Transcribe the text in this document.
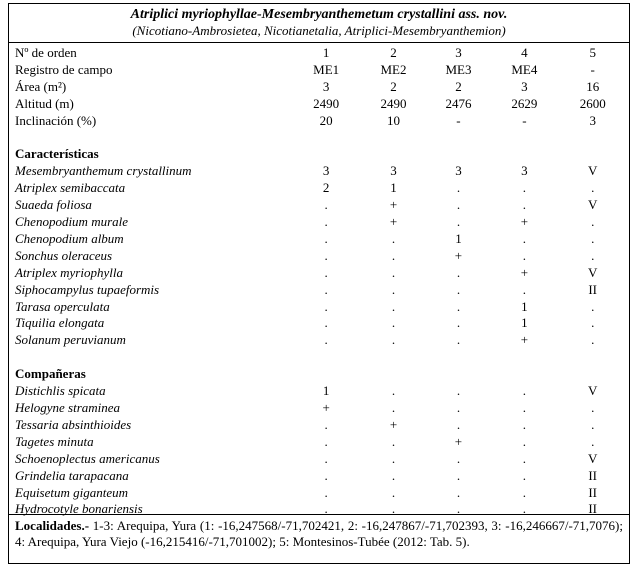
Atriplici myriophyllae-Mesembryanthemetum crystallini ass. nov.
(Nicotiano-Ambrosietea, Nicotianetalia, Atriplici-Mesembryanthemion)
Nº de orden	1	2	3	4	5
Registro de campo	ME1	ME2	ME3	ME4	-
Área (m²)	3	2	2	3	16
Altitud (m)	2490	2490	2476	2629	2600
Inclinación (%)	20	10	-	-	3

Características					
Mesembryanthemum crystallinum	3	3	3	3	V
Atriplex semibaccata	2	1	.	.	.
Suaeda foliosa	.	+	.	.	V
Chenopodium murale	.	+	.	+	.
Chenopodium album	.	.	1	.	.
Sonchus oleraceus	.	.	+	.	.
Atriplex myriophylla	.	.	.	+	V
Siphocampylus tupaeformis	.	.	.	.	II
Tarasa operculata	.	.	.	1	.
Tiquilia elongata	.	.	.	1	.
Solanum peruvianum	.	.	.	+	.

Compañeras					
Distichlis spicata	1	.	.	.	V
Helogyne straminea	+	.	.	.	.
Tessaria absinthioides	.	+	.	.	.
Tagetes minuta	.	.	+	.	.
Schoenoplectus americanus	.	.	.	.	V
Grindelia tarapacana	.	.	.	.	II
Equisetum giganteum	.	.	.	.	II
Hydrocotyle bonariensis	.	.	.	.	II
Localidades.- 1-3: Arequipa, Yura (1: -16,247568/-71,702421, 2: -16,247867/-71,702393, 3: -16,246667/-71,7076); 4: Arequipa, Yura Viejo (-16,215416/-71,701002); 5: Montesinos-Tubée (2012: Tab. 5).
